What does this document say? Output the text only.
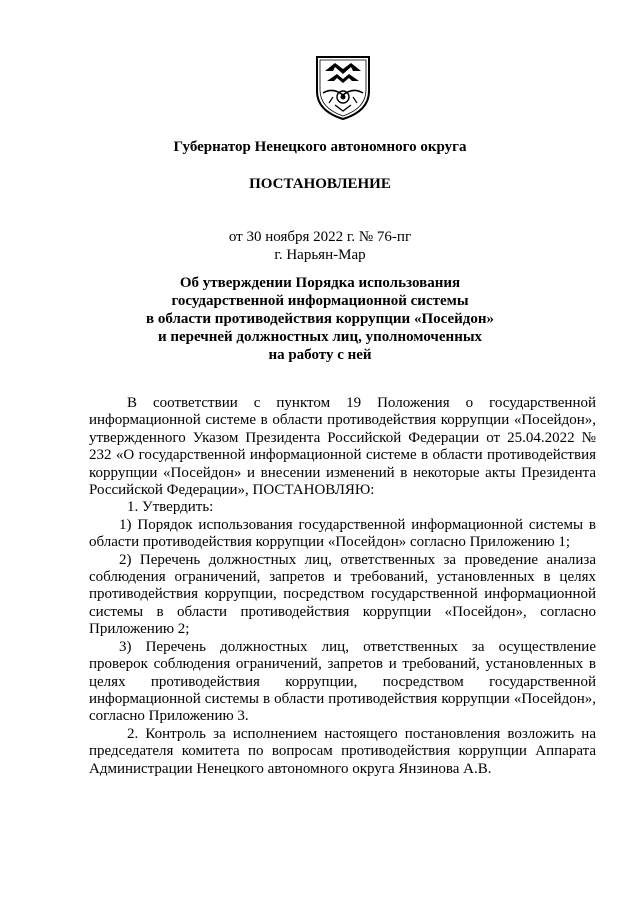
Губернатор Ненецкого автономного округа
ПОСТАНОВЛЕНИЕ
от 30 ноября 2022 г. № 76-пг
г. Нарьян-Мар
Об утверждении Порядка использования
государственной информационной системы
в области противодействия коррупции «Посейдон»
и перечней должностных лиц, уполномоченных
на работу с ней

В соответствии с пунктом 19 Положения о государственной информационной системе в области противодействия коррупции «Посейдон», утвержденного Указом Президента Российской Федерации от 25.04.2022 № 232 «О государственной информационной системе в области противодействия коррупции «Посейдон» и внесении изменений в некоторые акты Президента Российской Федерации», ПОСТАНОВЛЯЮ:

1. Утвердить:

1) Порядок использования государственной информационной системы в области противодействия коррупции «Посейдон» согласно Приложению 1;

2) Перечень должностных лиц, ответственных за проведение анализа соблюдения ограничений, запретов и требований, установленных в целях противодействия коррупции, посредством государственной информационной системы в области противодействия коррупции «Посейдон», согласно Приложению 2;

3) Перечень должностных лиц, ответственных за осуществление проверок соблюдения ограничений, запретов и требований, установленных в целях противодействия коррупции, посредством государственной информационной системы в области противодействия коррупции «Посейдон», согласно Приложению 3.

2. Контроль за исполнением настоящего постановления возложить на председателя комитета по вопросам противодействия коррупции Аппарата Администрации Ненецкого автономного округа Янзинова А.В.
